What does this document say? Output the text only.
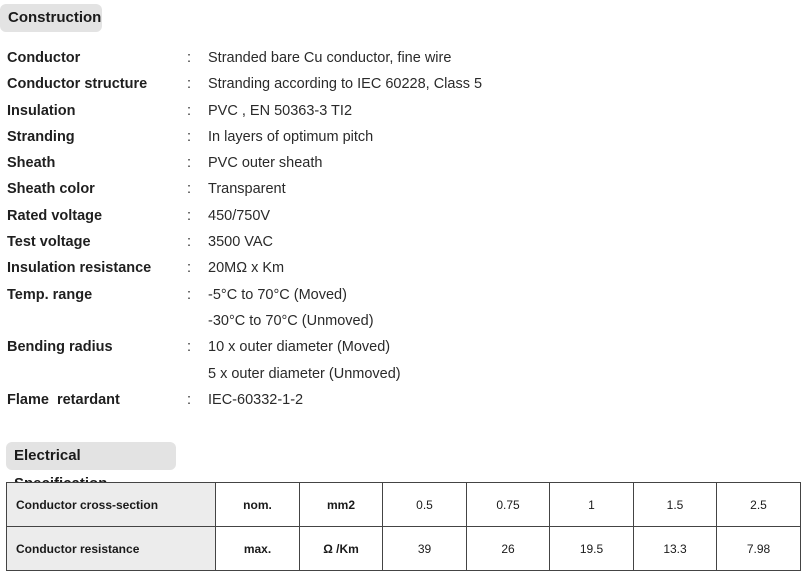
Construction
Conductor	: Stranded bare Cu conductor, fine wire
Conductor structure	: Stranding according to IEC 60228, Class 5
Insulation	: PVC , EN 50363-3 TI2
Stranding	: In layers of optimum pitch
Sheath	: PVC outer sheath
Sheath color	: Transparent
Rated voltage	: 450/750V
Test voltage	: 3500 VAC
Insulation resistance : 20MΩ x Km
Temp. range	: -5°C to 70°C (Moved)
-30°C to 70°C (Unmoved)
Bending radius	: 10 x outer diameter (Moved)
5 x outer diameter (Unmoved)
Flame  retardant	: IEC-60332-1-2
Electrical
Conductor cross-section	nom.	mm2	0.5	0.75	1	1.5	2.5
Conductor resistance	max.	Ω /Km	39	26	19.5	13.3	7.98
